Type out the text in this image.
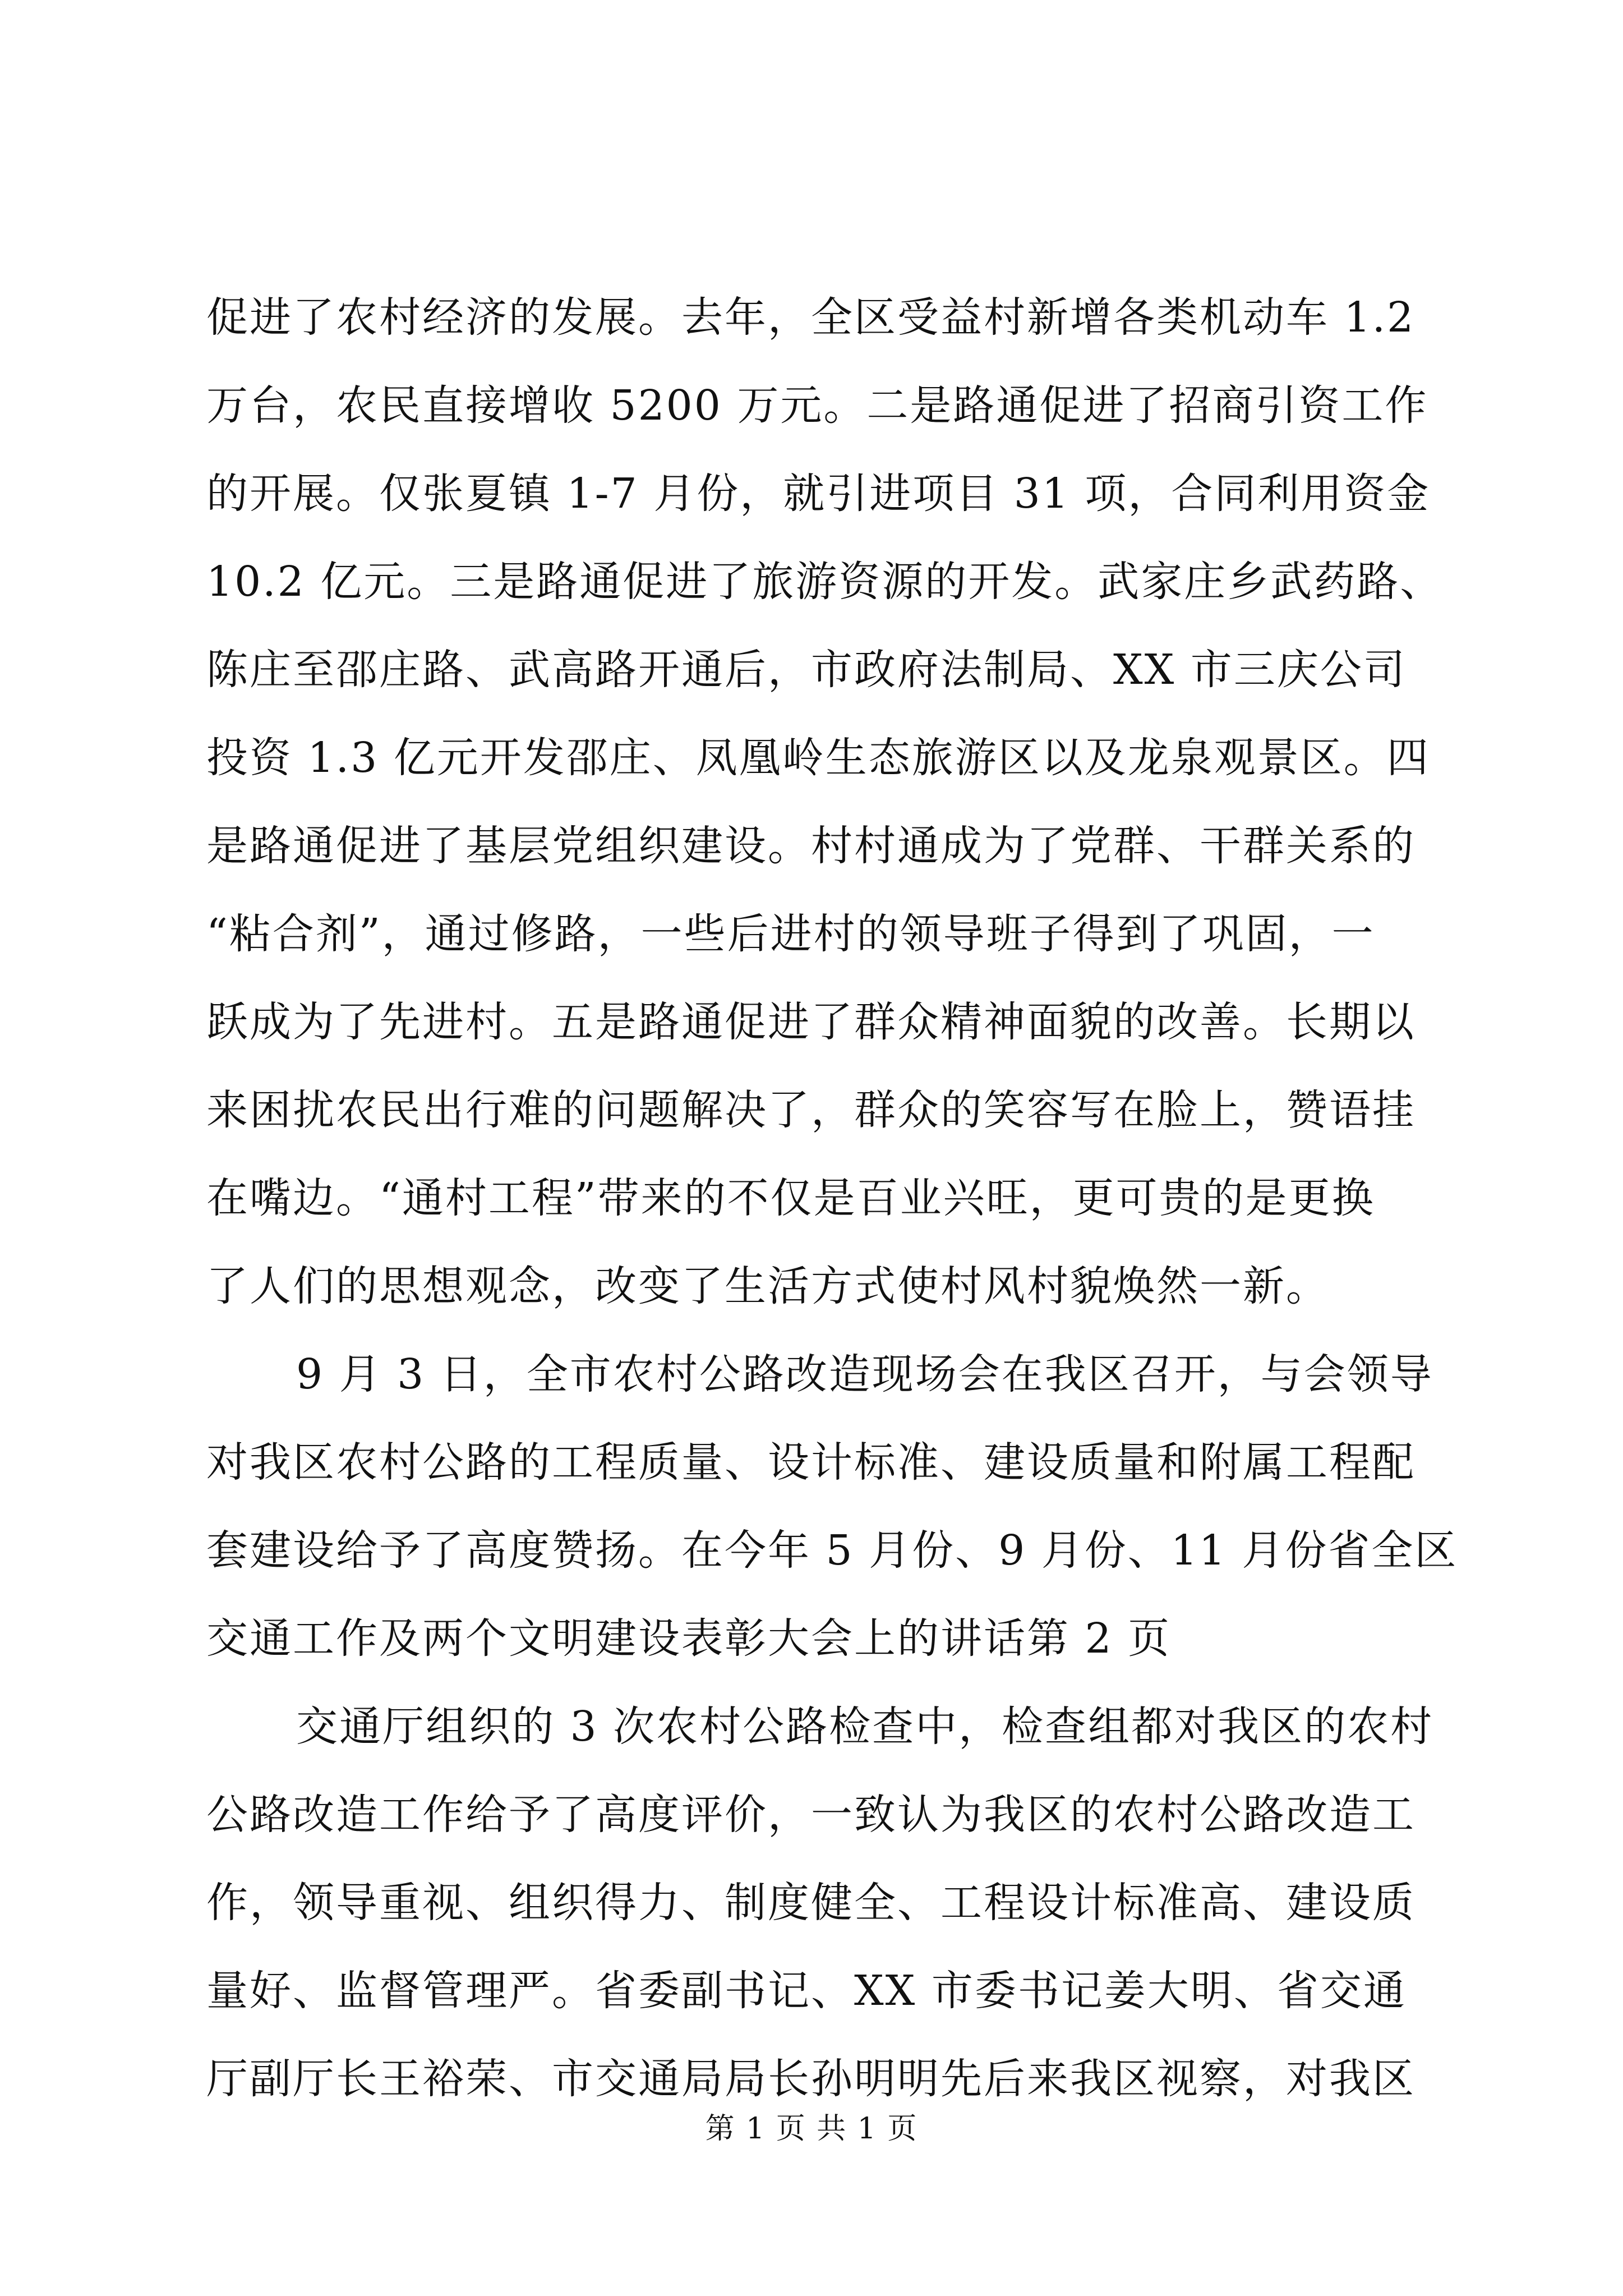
促进了农村经济的发展。去年，全区受益村新增各类机动车 1.2
万台，农民直接增收 5200 万元。二是路通促进了招商引资工作
的开展。仅张夏镇 1-7 月份，就引进项目 31 项，合同利用资金
10.2 亿元。三是路通促进了旅游资源的开发。武家庄乡武药路、
陈庄至邵庄路、武高路开通后，市政府法制局、XX 市三庆公司
投资 1.3 亿元开发邵庄、凤凰岭生态旅游区以及龙泉观景区。四
是路通促进了基层党组织建设。村村通成为了党群、干群关系的
“粘合剂”，通过修路，一些后进村的领导班子得到了巩固，一
跃成为了先进村。五是路通促进了群众精神面貌的改善。长期以
来困扰农民出行难的问题解决了，群众的笑容写在脸上，赞语挂
在嘴边。“通村工程”带来的不仅是百业兴旺，更可贵的是更换
了人们的思想观念，改变了生活方式使村风村貌焕然一新。
9 月 3 日，全市农村公路改造现场会在我区召开，与会领导
对我区农村公路的工程质量、设计标准、建设质量和附属工程配
套建设给予了高度赞扬。在今年 5 月份、9 月份、11 月份省全区
交通工作及两个文明建设表彰大会上的讲话第 2 页
交通厅组织的 3 次农村公路检查中，检查组都对我区的农村
公路改造工作给予了高度评价，一致认为我区的农村公路改造工
作，领导重视、组织得力、制度健全、工程设计标准高、建设质
量好、监督管理严。省委副书记、XX 市委书记姜大明、省交通
厅副厅长王裕荣、市交通局局长孙明明先后来我区视察，对我区
第 1 页 共 1 页
